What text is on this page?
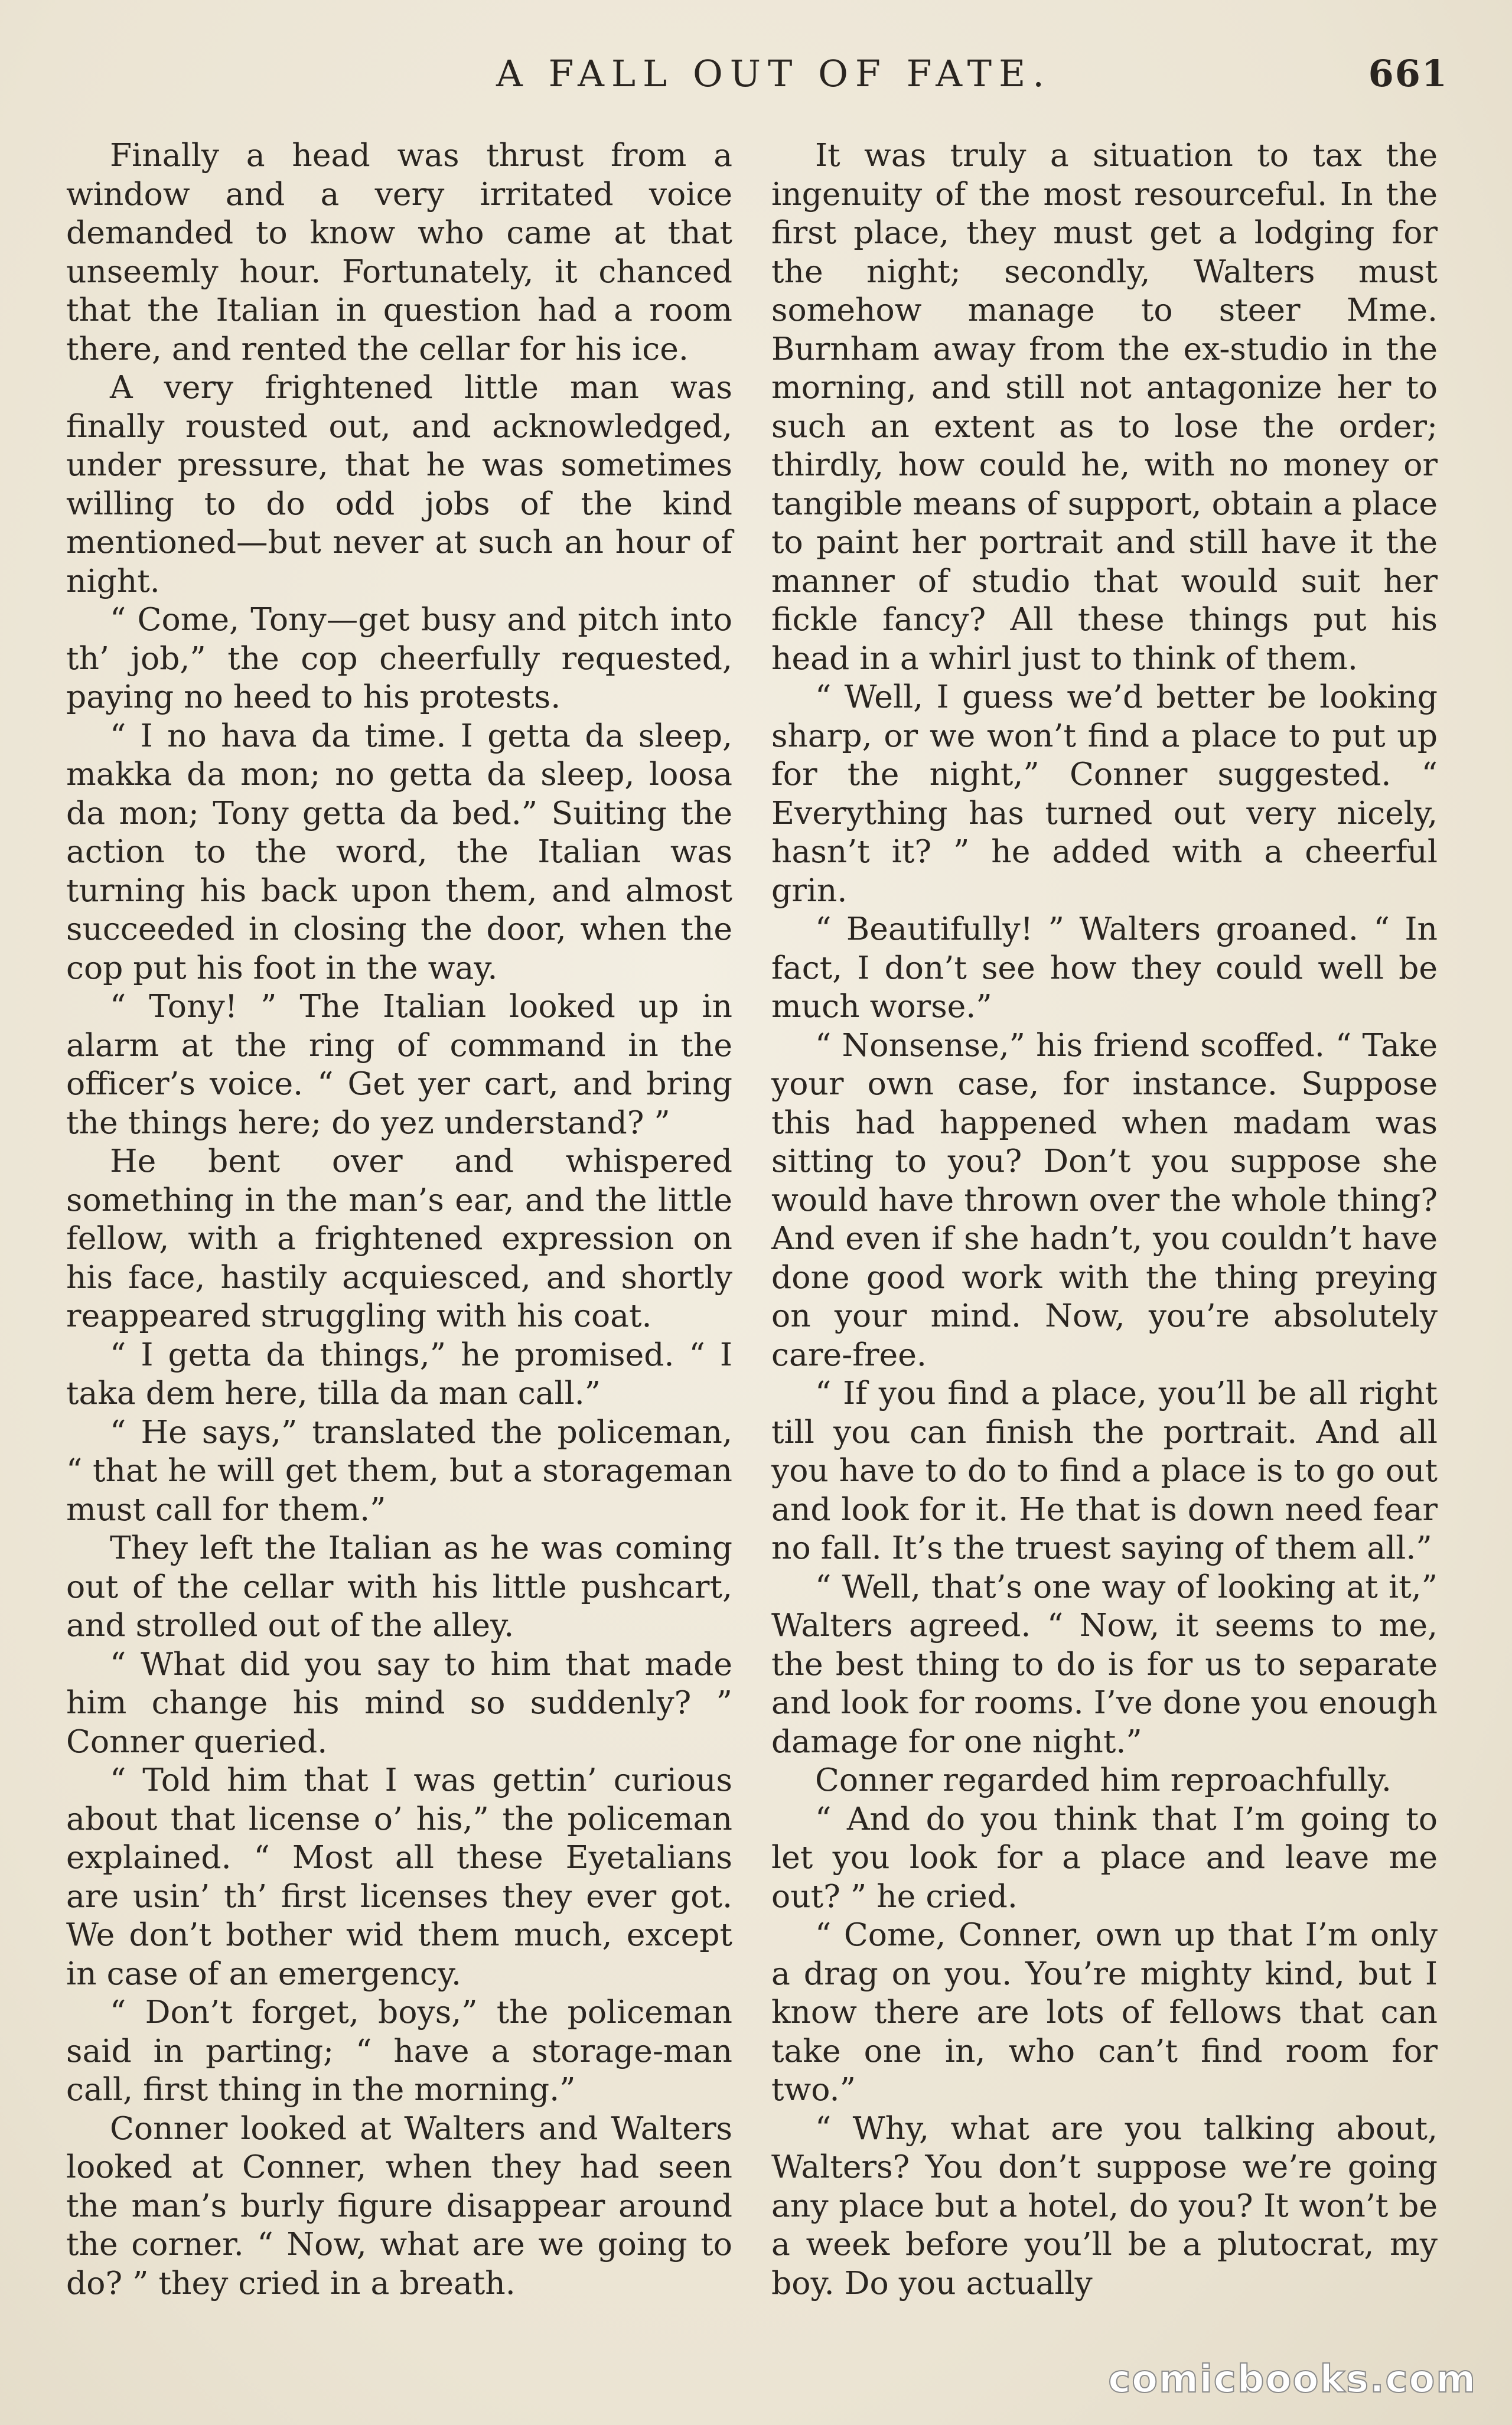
A FALL OUT OF FATE.	661

Finally a head was thrust from a window and a very irritated voice demanded to know who came at that unseemly hour. Fortunately, it chanced that the Italian in question had a room there, and rented the cellar for his ice.

A very frightened little man was finally rousted out, and acknowledged, under pressure, that he was sometimes willing to do odd jobs of the kind mentioned—but never at such an hour of night.

“ Come, Tony—get busy and pitch into th’ job,” the cop cheerfully requested, paying no heed to his protests.

“ I no hava da time. I getta da sleep, makka da mon; no getta da sleep, loosa da mon; Tony getta da bed.” Suiting the action to the word, the Italian was turning his back upon them, and almost succeeded in closing the door, when the cop put his foot in the way.

“ Tony! ” The Italian looked up in alarm at the ring of command in the officer’s voice. “ Get yer cart, and bring the things here; do yez understand? ”

He bent over and whispered something in the man’s ear, and the little fellow, with a frightened expression on his face, hastily acquiesced, and shortly reappeared struggling with his coat.

“ I getta da things,” he promised. “ I taka dem here, tilla da man call.”

“ He says,” translated the policeman, “ that he will get them, but a storageman must call for them.”

They left the Italian as he was coming out of the cellar with his little pushcart, and strolled out of the alley.

“ What did you say to him that made him change his mind so suddenly? ” Conner queried.

“ Told him that I was gettin’ curious about that license o’ his,” the policeman explained. “ Most all these Eyetalians are usin’ th’ first licenses they ever got. We don’t bother wid them much, except in case of an emergency.

“ Don’t forget, boys,” the policeman said in parting; “ have a storage-man call, first thing in the morning.”

Conner looked at Walters and Walters looked at Conner, when they had seen the man’s burly figure disappear around the corner. “ Now, what are we going to do? ” they cried in a breath.

It was truly a situation to tax the ingenuity of the most resourceful. In the first place, they must get a lodging for the night; secondly, Walters must somehow manage to steer Mme. Burnham away from the ex-studio in the morning, and still not antagonize her to such an extent as to lose the order; thirdly, how could he, with no money or tangible means of support, obtain a place to paint her portrait and still have it the manner of studio that would suit her fickle fancy? All these things put his head in a whirl just to think of them.

“ Well, I guess we’d better be looking sharp, or we won’t find a place to put up for the night,” Conner suggested. “ Everything has turned out very nicely, hasn’t it? ” he added with a cheerful grin.

“ Beautifully! ” Walters groaned. “ In fact, I don’t see how they could well be much worse.”

“ Nonsense,” his friend scoffed. “ Take your own case, for instance. Suppose this had happened when madam was sitting to you? Don’t you suppose she would have thrown over the whole thing? And even if she hadn’t, you couldn’t have done good work with the thing preying on your mind. Now, you’re absolutely care-free.

“ If you find a place, you’ll be all right till you can finish the portrait. And all you have to do to find a place is to go out and look for it. He that is down need fear no fall. It’s the truest saying of them all.”

“ Well, that’s one way of looking at it,” Walters agreed. “ Now, it seems to me, the best thing to do is for us to separate and look for rooms. I’ve done you enough damage for one night.”

Conner regarded him reproachfully.

“ And do you think that I’m going to let you look for a place and leave me out? ” he cried.

“ Come, Conner, own up that I’m only a drag on you. You’re mighty kind, but I know there are lots of fellows that can take one in, who can’t find room for two.”

“ Why, what are you talking about, Walters? You don’t suppose we’re going any place but a hotel, do you? It won’t be a week before you’ll be a plutocrat, my boy. Do you actually

comicbooks.com
